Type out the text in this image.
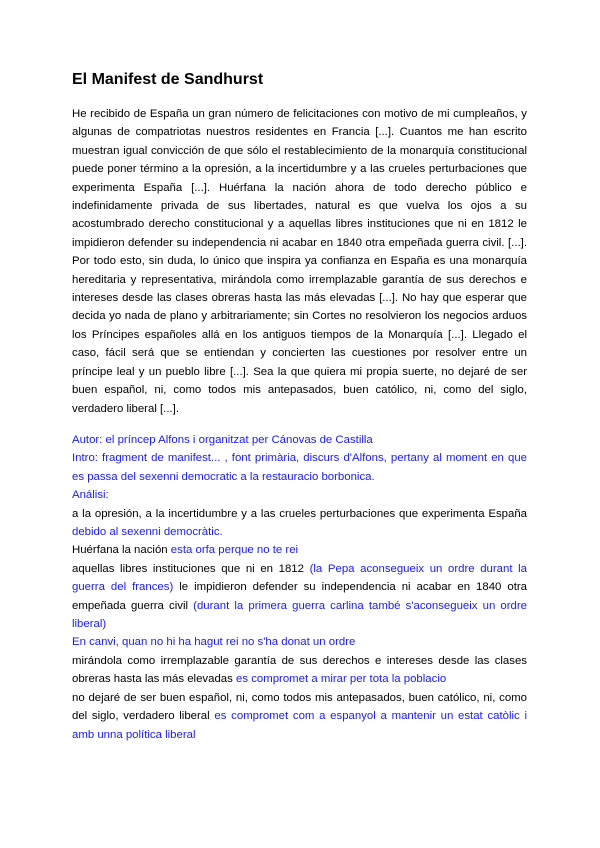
El Manifest de Sandhurst

He recibido de España un gran número de felicitaciones con motivo de mi cumpleaños, y algunas de compatriotas nuestros residentes en Francia [...]. Cuantos me han escrito muestran igual convicción de que sólo el restablecimiento de la monarquía constitucional puede poner término a la opresión, a la incertidumbre y a las crueles perturbaciones que experimenta España [...]. Huérfana la nación ahora de todo derecho público e indefinidamente privada de sus libertades, natural es que vuelva los ojos a su acostumbrado derecho constitucional y a aquellas libres instituciones que ni en 1812 le impidieron defender su independencia ni acabar en 1840 otra empeñada guerra civil. [...]. Por todo esto, sin duda, lo único que inspira ya confianza en España es una monarquía hereditaria y representativa, mirándola como irremplazable garantía de sus derechos e intereses desde las clases obreras hasta las más elevadas [...]. No hay que esperar que decida yo nada de plano y arbitrariamente; sin Cortes no resolvieron los negocios arduos los Príncipes españoles allá en los antiguos tiempos de la Monarquía [...]. Llegado el caso, fácil será que se entiendan y concierten las cuestiones por resolver entre un príncipe leal y un pueblo libre [...]. Sea la que quiera mi propia suerte, no dejaré de ser buen español, ni, como todos mis antepasados, buen católico, ni, como del siglo, verdadero liberal [...].

Autor: el príncep Alfons i organitzat per Cánovas de Castilla
Intro: fragment de manifest... , font primària, discurs d'Alfons, pertany al moment en que es passa del sexenni democratic a la restauracio borbonica.
Análisi:
a la opresión, a la incertidumbre y a las crueles perturbaciones que experimenta España debido al sexenni democràtic.
Huérfana la nación esta orfa perque no te rei
aquellas libres instituciones que ni en 1812 (la Pepa aconsegueix un ordre durant la guerra del frances) le impidieron defender su independencia ni acabar en 1840 otra empeñada guerra civil (durant la primera guerra carlina també s'aconsegueix un ordre liberal)
En canvi, quan no hi ha hagut rei no s'ha donat un ordre
mirándola como irremplazable garantía de sus derechos e intereses desde las clases obreras hasta las más elevadas es compromet a mirar per tota la poblacio
no dejaré de ser buen español, ni, como todos mis antepasados, buen católico, ni, como del siglo, verdadero liberal es compromet com a espanyol a mantenir un estat catòlic i amb unna política liberal
